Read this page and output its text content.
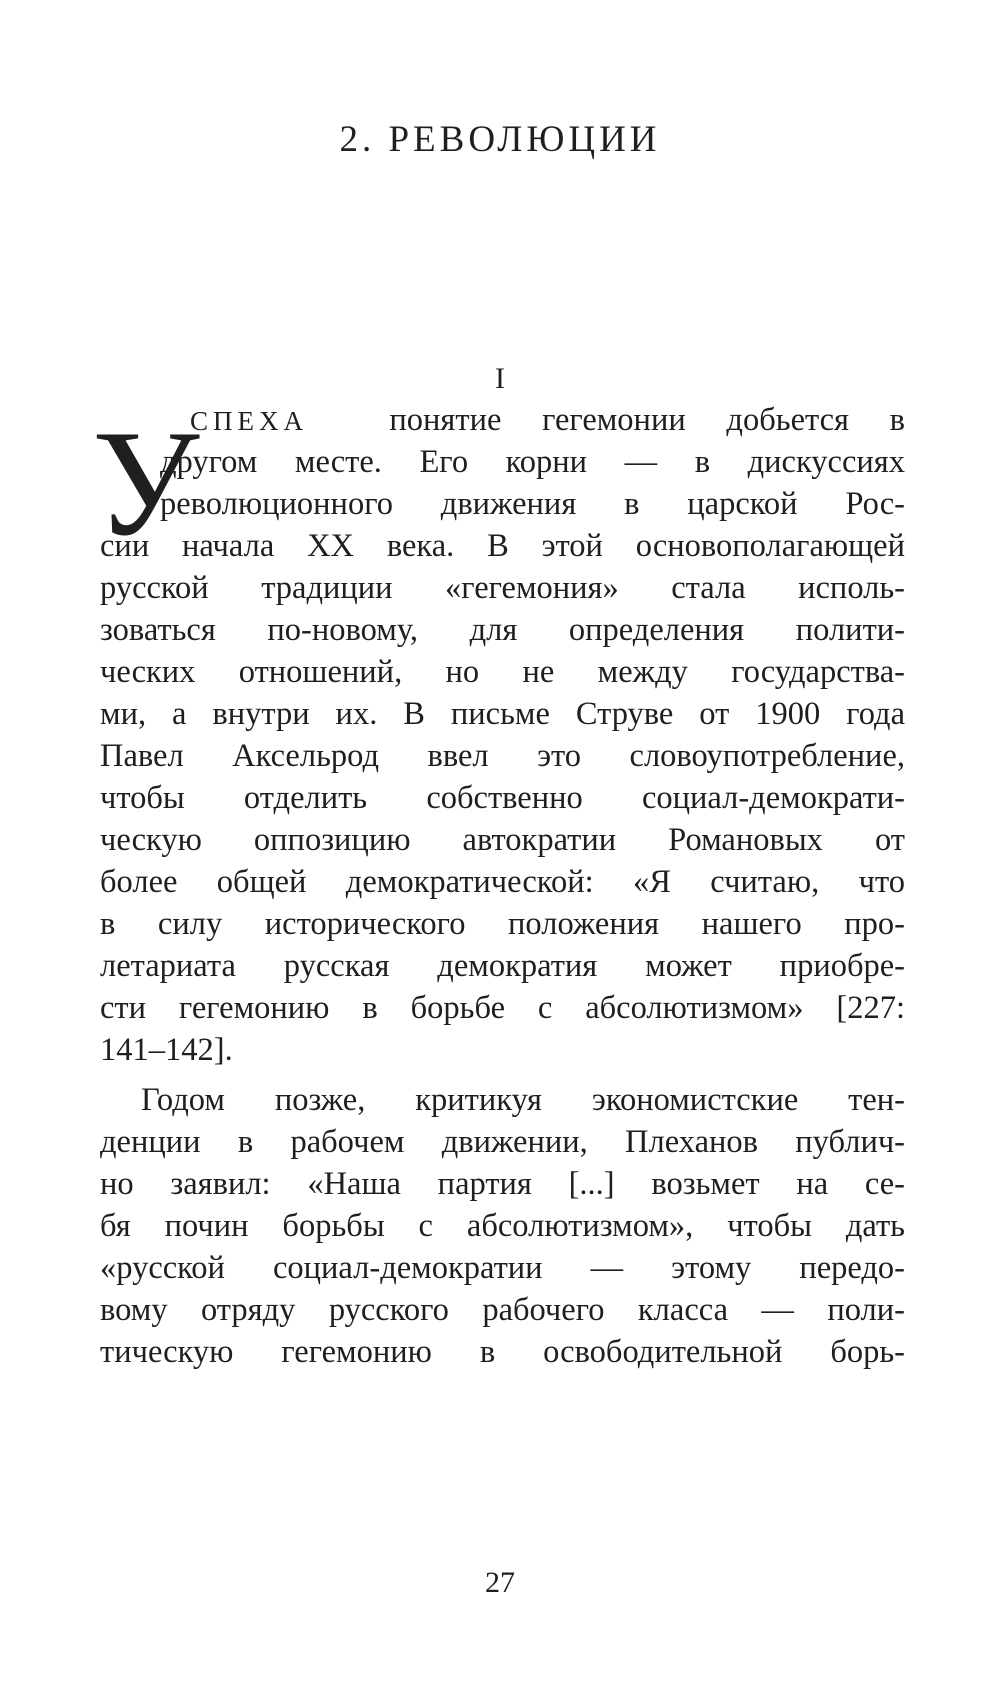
2. РЕВОЛЮЦИИ
I
У

СПЕХА	понятие гегемонии добьется в

другом месте. Его корни — в дискуссиях

революционного движения в царской Рос-

сии начала XX века. В этой основополагающей

русской традиции «гегемония» стала исполь-

зоваться по-новому, для определения полити-

ческих отношений, но не между государства-

ми, а внутри их. В письме Струве от 1900 года

Павел Аксельрод ввел это словоупотребление,

чтобы отделить собственно социал-демократи-

ческую оппозицию автократии Романовых от

более общей демократической: «Я считаю, что

в силу исторического положения нашего про-

летариата русская демократия может приобре-

сти гегемонию в борьбе с абсолютизмом» [227:

141–142].

Годом позже, критикуя экономистские тен-

денции в рабочем движении, Плеханов публич-

но заявил: «Наша партия [...] возьмет на се-

бя почин борьбы с абсолютизмом», чтобы дать

«русской социал-демократии — этому передо-

вому отряду русского рабочего класса — поли-

тическую гегемонию в освободительной борь-

27
